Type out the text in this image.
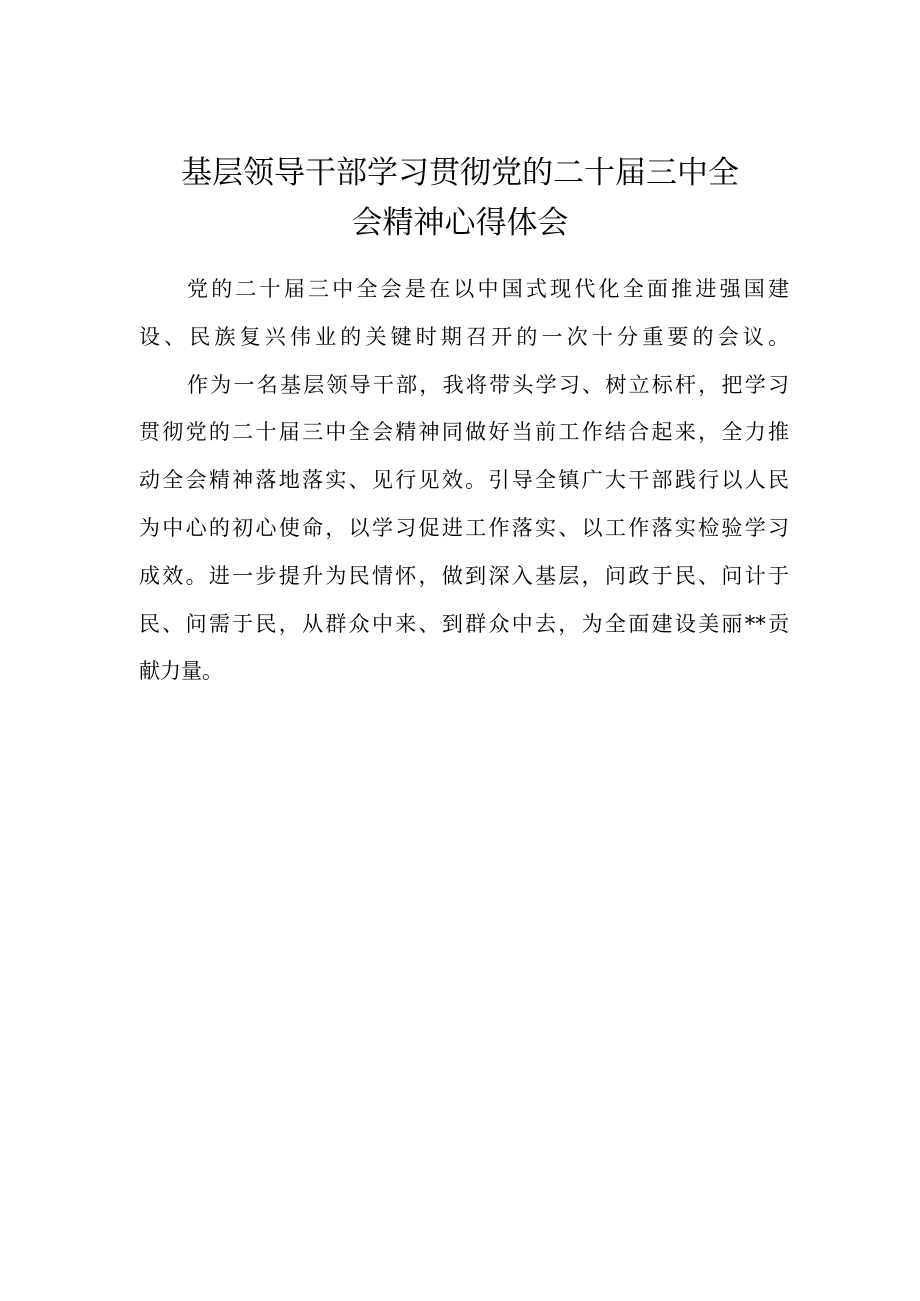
基层领导干部学习贯彻党的二十届三中全
会精神心得体会
党的二十届三中全会是在以中国式现代化全面推进强国建
设、民族复兴伟业的关键时期召开的一次十分重要的会议。
作为一名基层领导干部，我将带头学习、树立标杆，把学习
贯彻党的二十届三中全会精神同做好当前工作结合起来，全力推
动全会精神落地落实、见行见效。引导全镇广大干部践行以人民
为中心的初心使命，以学习促进工作落实、以工作落实检验学习
成效。进一步提升为民情怀，做到深入基层，问政于民、问计于
民、问需于民，从群众中来、到群众中去，为全面建设美丽**贡
献力量。
